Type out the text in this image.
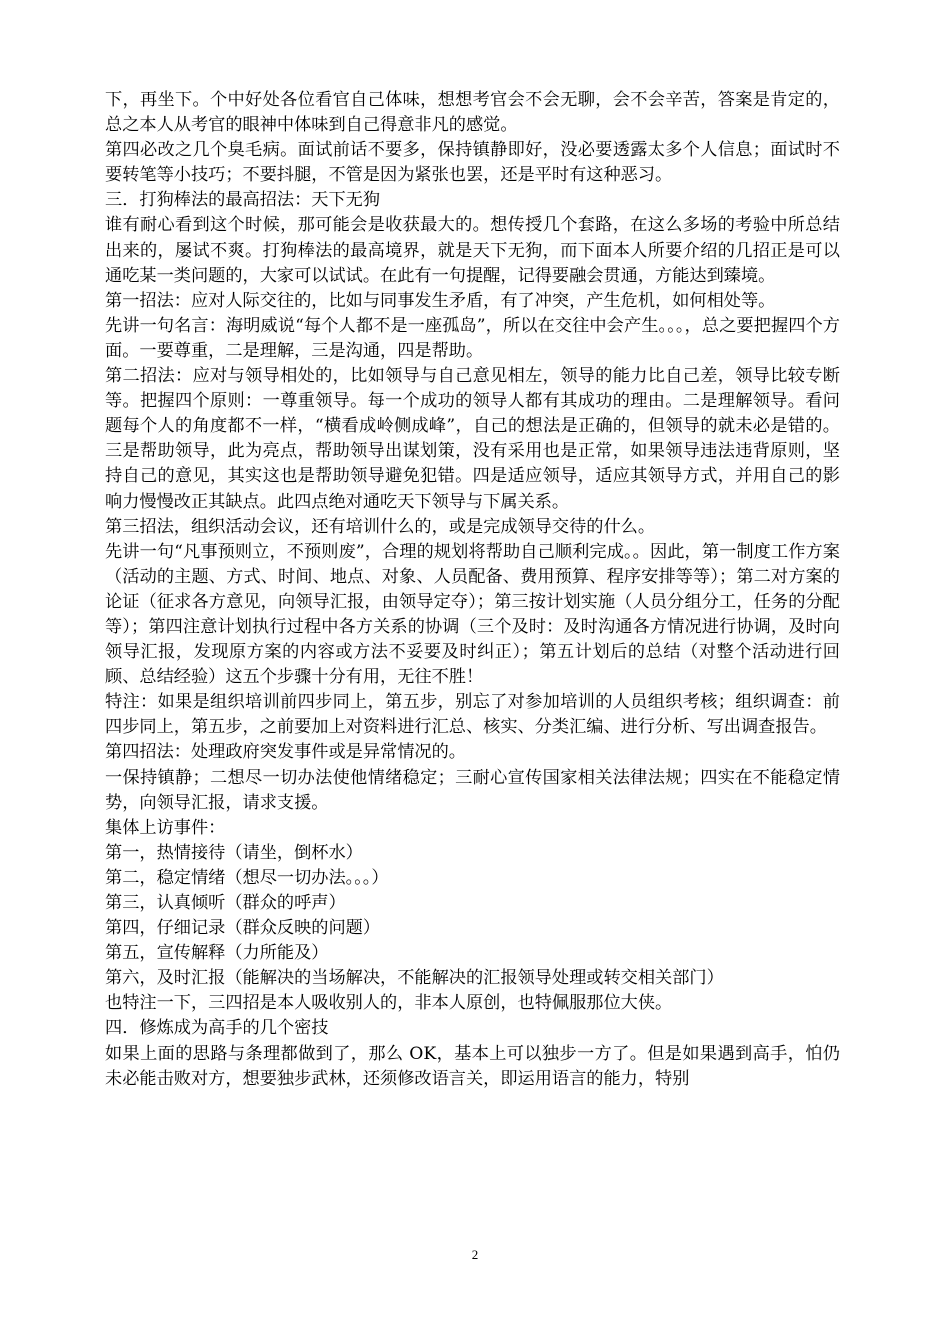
下，再坐下。个中好处各位看官自己体味，想想考官会不会无聊，会不会辛苦，答案是肯定的，总之本人从考官的眼神中体味到自己得意非凡的感觉。

第四必改之几个臭毛病。面试前话不要多，保持镇静即好，没必要透露太多个人信息；面试时不要转笔等小技巧；不要抖腿，不管是因为紧张也罢，还是平时有这种恶习。

三．打狗棒法的最高招法：天下无狗

谁有耐心看到这个时候，那可能会是收获最大的。想传授几个套路，在这么多场的考验中所总结出来的，屡试不爽。打狗棒法的最高境界，就是天下无狗，而下面本人所要介绍的几招正是可以通吃某一类问题的，大家可以试试。在此有一句提醒，记得要融会贯通，方能达到臻境。

第一招法：应对人际交往的，比如与同事发生矛盾，有了冲突，产生危机，如何相处等。

先讲一句名言：海明威说“每个人都不是一座孤岛”，所以在交往中会产生。。。，总之要把握四个方面。一要尊重，二是理解，三是沟通，四是帮助。

第二招法：应对与领导相处的，比如领导与自己意见相左，领导的能力比自己差，领导比较专断等。把握四个原则：一尊重领导。每一个成功的领导人都有其成功的理由。二是理解领导。看问题每个人的角度都不一样，“横看成岭侧成峰”，自己的想法是正确的，但领导的就未必是错的。三是帮助领导，此为亮点，帮助领导出谋划策，没有采用也是正常，如果领导违法违背原则，坚持自己的意见，其实这也是帮助领导避免犯错。四是适应领导，适应其领导方式，并用自己的影响力慢慢改正其缺点。此四点绝对通吃天下领导与下属关系。

第三招法，组织活动会议，还有培训什么的，或是完成领导交待的什么。

先讲一句“凡事预则立，不预则废”，合理的规划将帮助自己顺利完成。。因此，第一制度工作方案（活动的主题、方式、时间、地点、对象、人员配备、费用预算、程序安排等等）；第二对方案的论证（征求各方意见，向领导汇报，由领导定夺）；第三按计划实施（人员分组分工，任务的分配等）；第四注意计划执行过程中各方关系的协调（三个及时：及时沟通各方情况进行协调，及时向领导汇报，发现原方案的内容或方法不妥要及时纠正）；第五计划后的总结（对整个活动进行回顾、总结经验）这五个步骤十分有用，无往不胜！

特注：如果是组织培训前四步同上，第五步，别忘了对参加培训的人员组织考核；组织调查：前四步同上，第五步，之前要加上对资料进行汇总、核实、分类汇编、进行分析、写出调查报告。

第四招法：处理政府突发事件或是异常情况的。

一保持镇静；二想尽一切办法使他情绪稳定；三耐心宣传国家相关法律法规；四实在不能稳定情势，向领导汇报，请求支援。

集体上访事件：

第一，热情接待（请坐，倒杯水）

第二，稳定情绪（想尽一切办法。。。）

第三，认真倾听（群众的呼声）

第四，仔细记录（群众反映的问题）

第五，宣传解释（力所能及）

第六，及时汇报（能解决的当场解决，不能解决的汇报领导处理或转交相关部门）

也特注一下，三四招是本人吸收别人的，非本人原创，也特佩服那位大侠。

四．修炼成为高手的几个密技

如果上面的思路与条理都做到了，那么 OK，基本上可以独步一方了。但是如果遇到高手，怕仍未必能击败对方，想要独步武林，还须修改语言关，即运用语言的能力，特别

2
